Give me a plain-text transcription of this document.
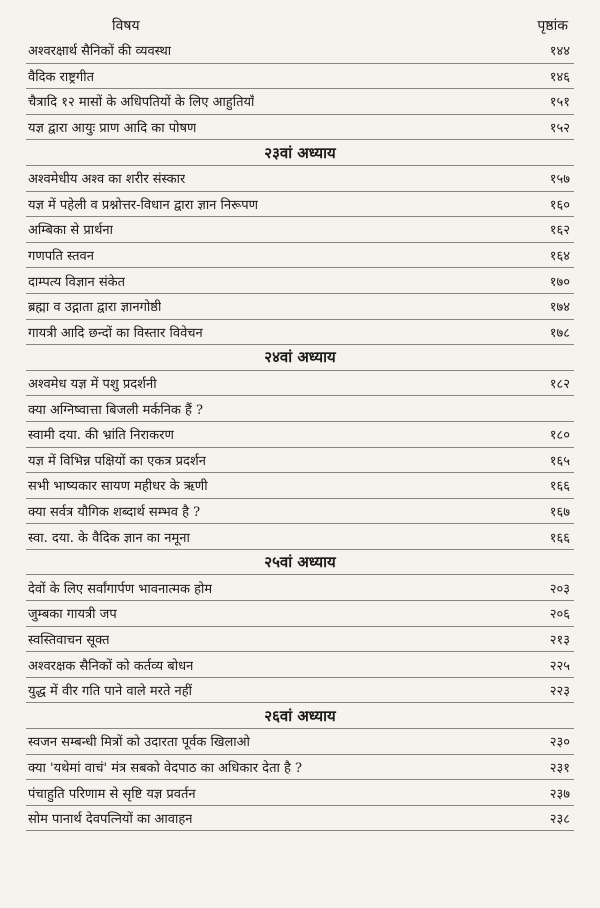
विषय	पृष्ठांक
अश्वरक्षार्थ सैनिकों की व्यवस्था	१४४
वैदिक राष्ट्रगीत	१४६
चैत्रादि १२ मासों के अधिपतियों के लिए आहुतियाँ	१५१
यज्ञ द्वारा आयुः प्राण आदि का पोषण	१५२
२३वां अध्याय
अश्वमेधीय अश्व का शरीर संस्कार	१५७
यज्ञ में पहेली व प्रश्नोत्तर-विधान द्वारा ज्ञान निरूपण	१६०
अम्बिका से प्रार्थना	१६२
गणपति स्तवन	१६४
दाम्पत्य विज्ञान संकेत	१७०
ब्रह्मा व उद्गाता द्वारा ज्ञानगोष्ठी	१७४
गायत्री आदि छन्दों का विस्तार विवेचन	१७८
२४वां अध्याय
अश्वमेध यज्ञ में पशु प्रदर्शनी	१८२
क्या अग्निष्वात्ता बिजली मर्कनिक हैं ?
स्वामी दया. की भ्रांति निराकरण	१८०
यज्ञ में विभिन्न पक्षियों का एकत्र प्रदर्शन	१६५
सभी भाष्यकार सायण महीधर के ऋणी	१६६
क्या सर्वत्र यौगिक शब्दार्थ सम्भव है ?	१६७
स्वा. दया. के वैदिक ज्ञान का नमूना	१६६
२५वां अध्याय
देवों के लिए सर्वांगार्पण भावनात्मक होम	२०३
जुम्बका गायत्री जप	२०६
स्वस्तिवाचन सूक्त	२१३
अश्वरक्षक सैनिकों को कर्तव्य बोधन	२२५
युद्ध में वीर गति पाने वाले मरते नहीं	२२३
२६वां अध्याय
स्वजन सम्बन्धी मित्रों को उदारता पूर्वक खिलाओ	२३०
क्या 'यथेमां वाचं' मंत्र सबको वेदपाठ का अधिकार देता है ?	२३१
पंचाहुति परिणाम से सृष्टि यज्ञ प्रवर्तन	२३७
सोम पानार्थ देवपत्नियों का आवाहन	२३८
